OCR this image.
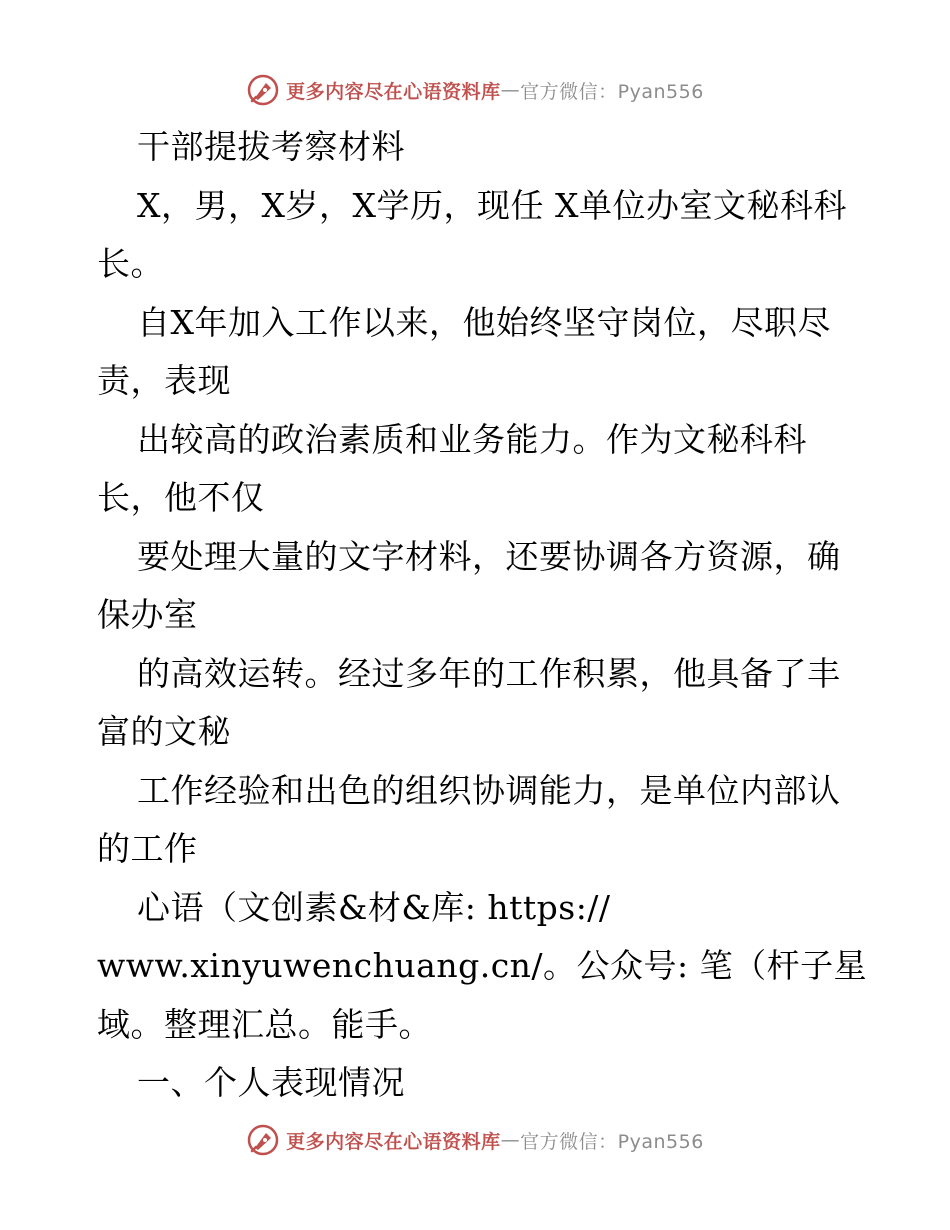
更多内容尽在心语资料库 — 官方微信：Pyan556
干部提拔考察材料
X，男，X岁，X学历，现任 X单位办室文秘科科
长。
自X年加入工作以来，他始终坚守岗位，尽职尽
责，表现
出较高的政治素质和业务能力。作为文秘科科
长，他不仅
要处理大量的文字材料，还要协调各方资源，确
保办室
的高效运转。经过多年的工作积累，他具备了丰
富的文秘
工作经验和出色的组织协调能力，是单位内部认
的工作
心语（文创素&材&库: https://
www.xinyuwenchuang.cn/。公众号: 笔（杆子星
域。整理汇总。能手。
一、个人表现情况
更多内容尽在心语资料库 — 官方微信：Pyan556
